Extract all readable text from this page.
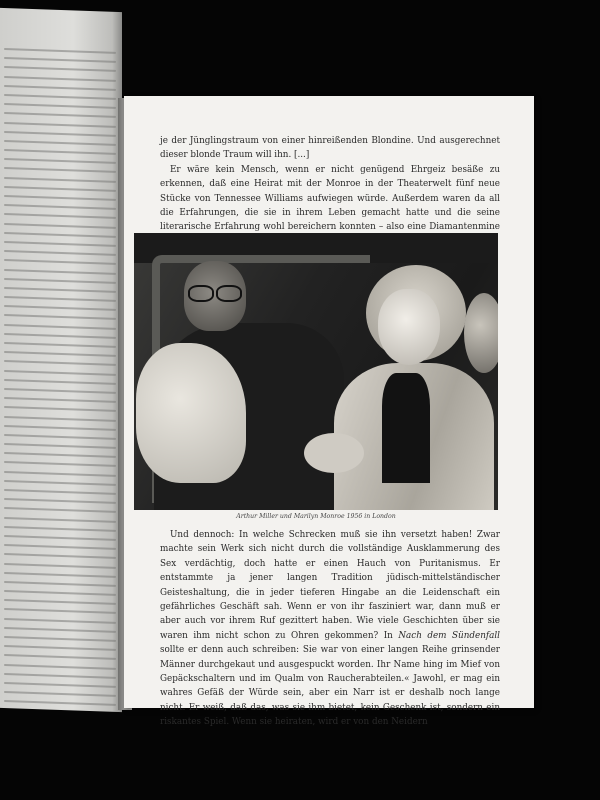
je der Jünglingstraum von einer hinreißenden Blondine. Und ausgerechnet dieser blonde Traum will ihn. [...]

Er wäre kein Mensch, wenn er nicht genügend Ehrgeiz besäße zu erkennen, daß eine Heirat mit der Monroe in der Theaterwelt fünf neue Stücke von Tennessee Williams aufwiegen würde. Außerdem waren da all die Erfahrungen, die sie in ihrem Leben gemacht hatte und die seine literarische Erfahrung wohl bereichern konnten – also eine Diamantenmine

Arthur Miller und Marilyn Monroe 1956 in London

Und dennoch: In welche Schrecken muß sie ihn versetzt haben! Zwar machte sein Werk sich nicht durch die vollständige Ausklammerung des Sex verdächtig, doch hatte er einen Hauch von Puritanismus. Er entstammte ja jener langen Tradition jüdisch-mittelständischer Geisteshaltung, die in jeder tieferen Hingabe an die Leidenschaft ein gefährliches Geschäft sah. Wenn er von ihr fasziniert war, dann muß er aber auch vor ihrem Ruf gezittert haben. Wie viele Geschichten über sie waren ihm nicht schon zu Ohren gekommen? In Nach dem Sündenfall sollte er denn auch schreiben: Sie war von einer langen Reihe grinsender Männer durchgekaut und ausgespuckt worden. Ihr Name hing im Mief von Gepäckschaltern und im Qualm von Raucherabteilen.« Jawohl, er mag ein wahres Gefäß der Würde sein, aber ein Narr ist er deshalb noch lange nicht. Er weiß, daß das, was sie ihm bietet, kein Geschenk ist, sondern ein riskantes Spiel. Wenn sie heiraten, wird er von den Neidern
